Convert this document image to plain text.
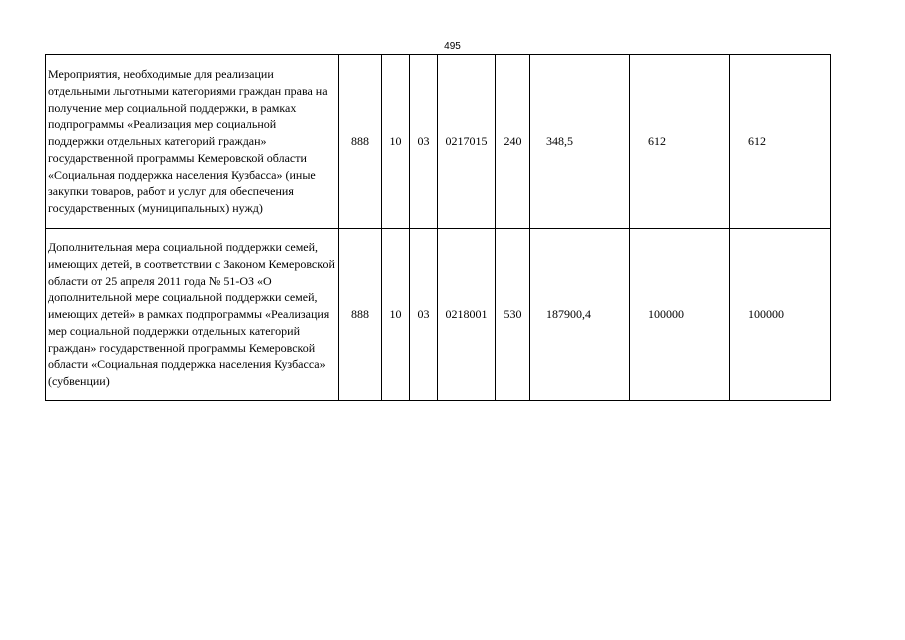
495
Мероприятия, необходимые для реализации отдельными льготными категориями граждан права на получение мер социальной поддержки, в рамках подпрограммы «Реализация мер социальной поддержки отдельных категорий граждан» государственной программы Кемеровской области «Социальная поддержка населения Кузбасса» (иные закупки товаров, работ и услуг для обеспечения государственных (муниципальных) нужд)	888	10	03	0217015	240	348,5	612	612
Дополнительная мера социальной поддержки семей, имеющих детей, в соответствии с Законом Кемеровской области от 25 апреля 2011 года № 51-ОЗ «О дополнительной мере социальной поддержки семей, имеющих детей» в рамках подпрограммы «Реализация мер социальной поддержки отдельных категорий граждан» государственной программы Кемеровской области «Социальная поддержка населения Кузбасса» (субвенции)	888	10	03	0218001	530	187900,4	100000	100000
